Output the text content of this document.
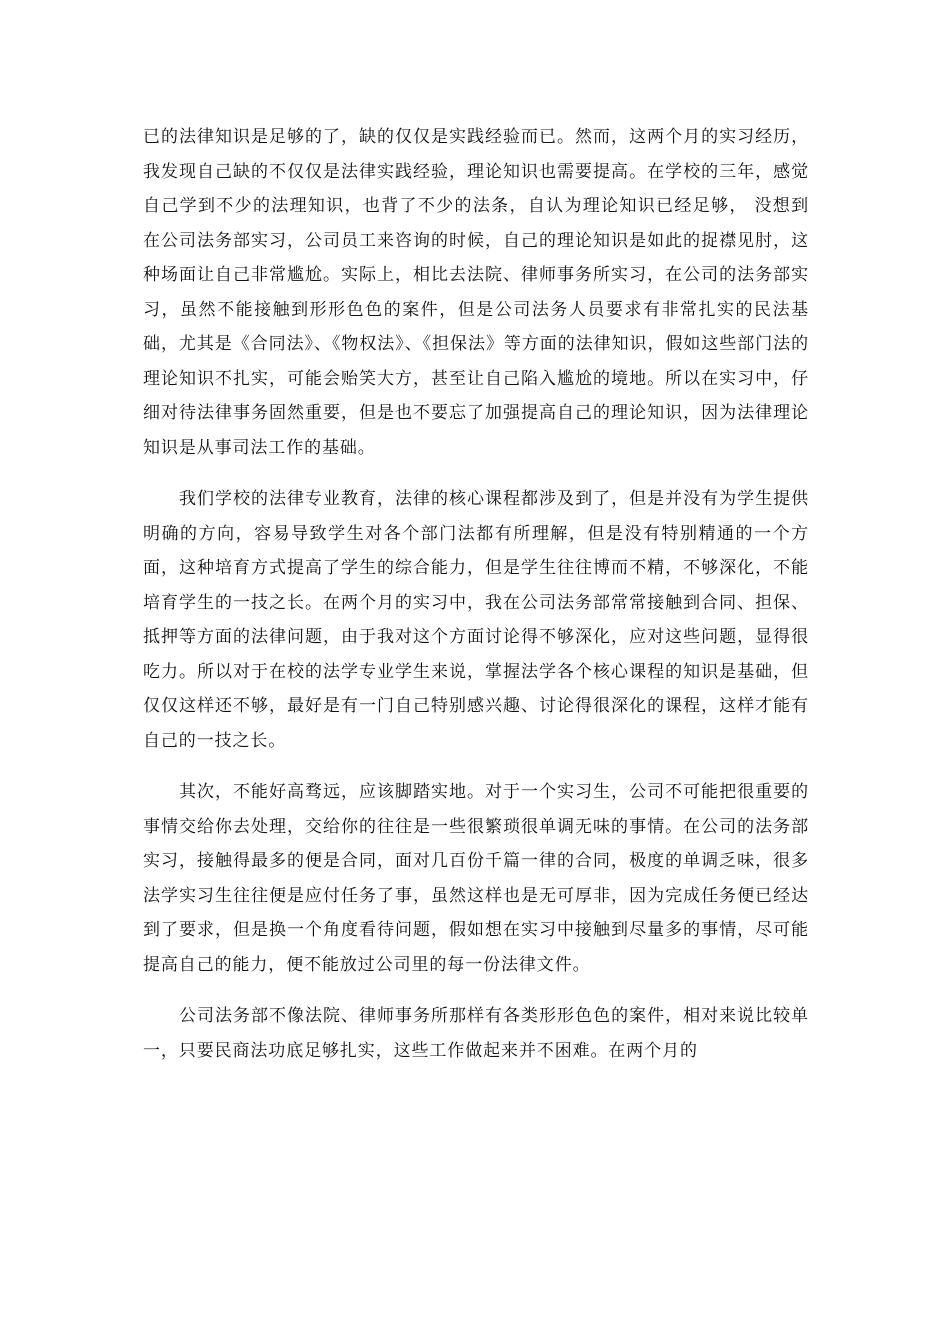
已的法律知识是足够的了，缺的仅仅是实践经验而已。然而，这两个月的实习经历，我发现自己缺的不仅仅是法律实践经验，理论知识也需要提高。在学校的三年，感觉自己学到不少的法理知识，也背了不少的法条，自认为理论知识已经足够， 没想到在公司法务部实习，公司员工来咨询的时候，自己的理论知识是如此的捉襟见肘，这种场面让自己非常尴尬。实际上，相比去法院、律师事务所实习，在公司的法务部实习，虽然不能接触到形形色色的案件，但是公司法务人员要求有非常扎实的民法基础，尤其是《合同法》、《物权法》、《担保法》等方面的法律知识，假如这些部门法的理论知识不扎实，可能会贻笑大方，甚至让自己陷入尴尬的境地。所以在实习中，仔细对待法律事务固然重要，但是也不要忘了加强提高自己的理论知识，因为法律理论知识是从事司法工作的基础。

我们学校的法律专业教育，法律的核心课程都涉及到了，但是并没有为学生提供明确的方向，容易导致学生对各个部门法都有所理解，但是没有特别精通的一个方面，这种培育方式提高了学生的综合能力，但是学生往往博而不精，不够深化，不能培育学生的一技之长。在两个月的实习中，我在公司法务部常常接触到合同、担保、抵押等方面的法律问题，由于我对这个方面讨论得不够深化，应对这些问题，显得很吃力。所以对于在校的法学专业学生来说，掌握法学各个核心课程的知识是基础，但仅仅这样还不够，最好是有一门自己特别感兴趣、讨论得很深化的课程，这样才能有自己的一技之长。

其次，不能好高骛远，应该脚踏实地。对于一个实习生，公司不可能把很重要的事情交给你去处理，交给你的往往是一些很繁琐很单调无味的事情。在公司的法务部实习，接触得最多的便是合同，面对几百份千篇一律的合同，极度的单调乏味，很多法学实习生往往便是应付任务了事，虽然这样也是无可厚非，因为完成任务便已经达到了要求，但是换一个角度看待问题，假如想在实习中接触到尽量多的事情，尽可能提高自己的能力，便不能放过公司里的每一份法律文件。

公司法务部不像法院、律师事务所那样有各类形形色色的案件，相对来说比较单一，只要民商法功底足够扎实，这些工作做起来并不困难。在两个月的
